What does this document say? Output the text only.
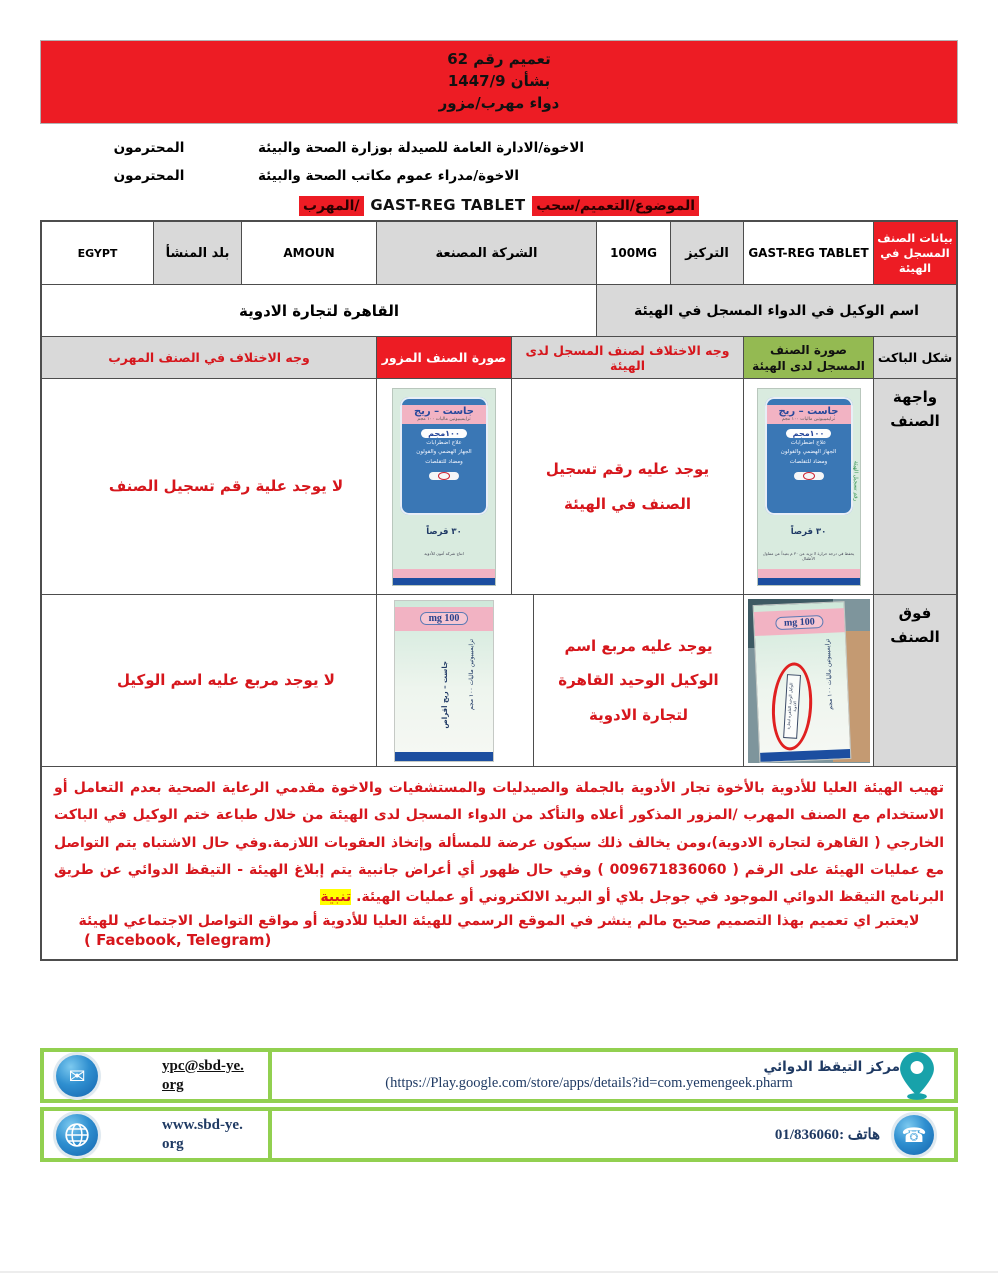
تعميم رقم 62
بشأن 1447/9
دواء مهرب/مزور
الاخوة/الادارة العامة للصيدلة بوزارة الصحة والبيئة
المحترمون
الاخوة/مدراء عموم مكاتب الصحة والبيئة
المحترمون
الموضوع/التعميم/سحب GAST-REG TABLET /المهرب
بيانات الصنف المسجل في الهيئة
GAST-REG TABLET
التركيز
100MG
الشركة المصنعة
AMOUN
بلد المنشأ
EGYPT
اسم الوكيل في الدواء المسجل في الهيئة
القاهرة لتجارة الادوية
شكل الباكت
صورة الصنف المسجل لدى الهيئة
وجه الاختلاف لصنف المسجل لدى الهيئة
صورة الصنف المزور
وجه الاختلاف في الصنف المهرب
واجهة الصنف
جاست – ريج
ترايميبيوتين ماليات ١٠٠ مجم
١٠٠مجم
علاج اضطرابات
الجهاز الهضمي والقولون
ومضاد للتقلصات
٣٠ قرصاً
يحفظ في درجة حرارة لا تزيد عن ٣٠ م بعيداً عن متناول الأطفال
رقم تسجيل الهيئة
يوجد عليه رقم تسجيل الصنف في الهيئة
جاست – ريج
ترايميبيوتين ماليات ١٠٠ مجم
١٠٠مجم
علاج اضطرابات
الجهاز الهضمي والقولون
ومضاد للتقلصات
٣٠ قرصاً
انتاج شركة أمون للأدوية
لا يوجد علية رقم تسجيل الصنف
فوق الصنف
100 mg
ترايميبيوتين ماليات ١٠٠ مجم
الوكيل الوحيد القاهرة لتجارة الادوية
يوجد عليه مربع اسم الوكيل الوحيد القاهرة لتجارة الادوية
100 mg
ترايميبيوتين ماليات ١٠٠ مجم
جاست – ريج أقراص
لا يوجد مربع عليه اسم الوكيل
تهيب الهيئة العليا للأدوية بالأخوة تجار الأدوية بالجملة والصيدليات والمستشفيات والاخوة مقدمي الرعاية الصحية بعدم التعامل أو الاستخدام مع الصنف المهرب /المزور المذكور أعلاه والتأكد من الدواء المسجل لدى الهيئة من خلال طباعة ختم الوكيل في الباكت الخارجي ( القاهرة لتجارة الادوية)،ومن يخالف ذلك سيكون عرضة للمسألة وإتخاذ العقوبات اللازمة.وفي حال الاشتباه يتم التواصل مع عمليات الهيئة على الرقم ( 009671836060 ) وفي حال ظهور أي أعراض جانبية يتم إبلاغ الهيئة - التيقظ الدوائي عن طريق البرنامج التيقظ الدوائي الموجود في جوجل بلاي أو البريد الالكتروني أو عمليات الهيئة. تنبية
لايعتبر اي تعميم بهذا التصميم صحيح مالم ينشر في الموقع الرسمي للهيئة العليا للأدوية أو مواقع التواصل الاجتماعي للهيئة
( Facebook, Telegram)
مركز التيقظ الدوائي
(https://Play.google.com/store/apps/details?id=com.yemengeek.pharm
✉	ypc@sbd-ye.org
☎
هاتف :01/836060
www.sbd-ye.org
